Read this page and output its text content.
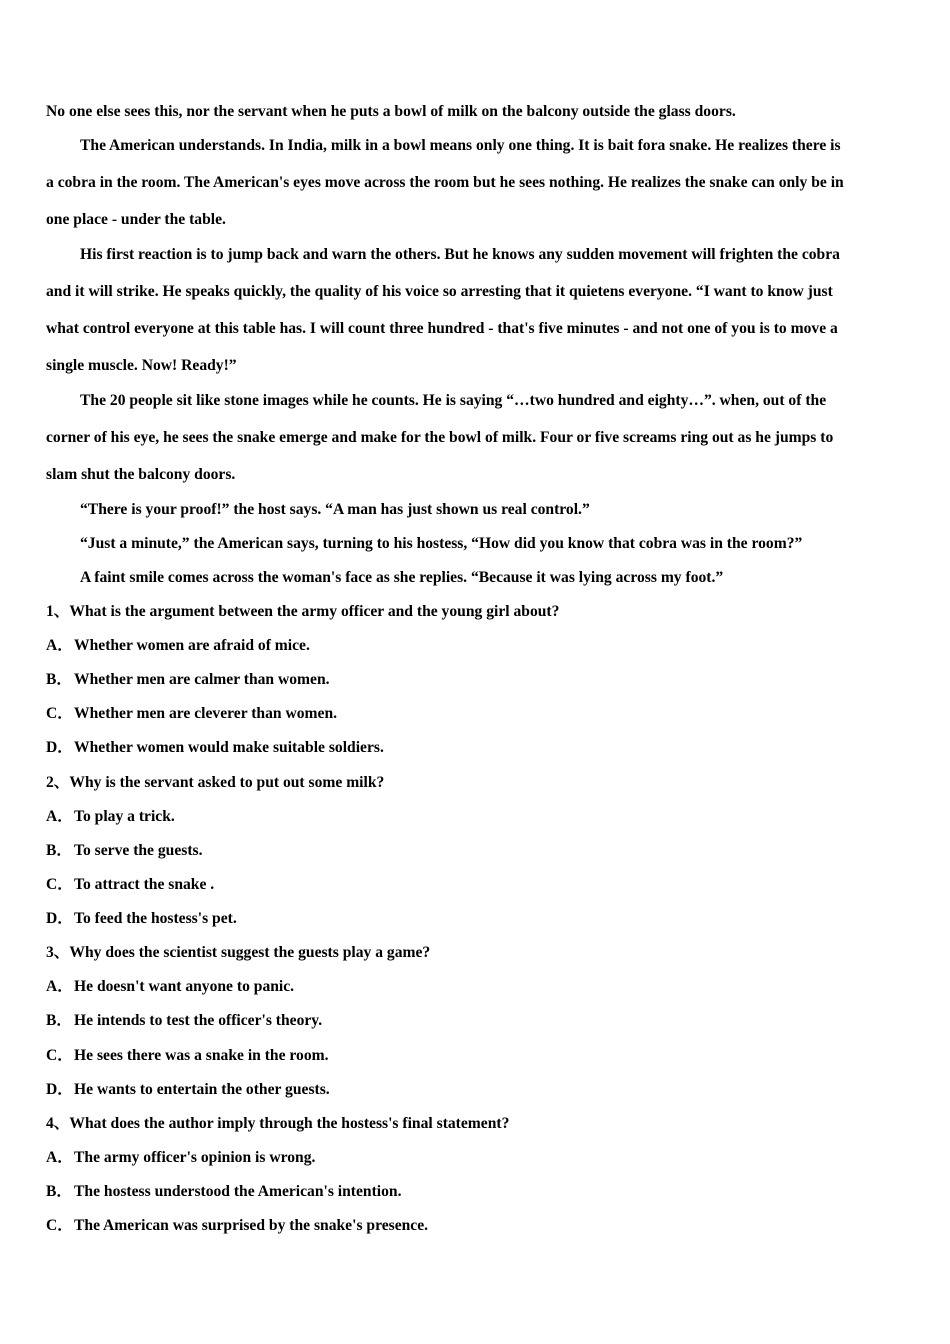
No one else sees this, nor the servant when he puts a bowl of milk on the balcony outside the glass doors.
The American understands. In India, milk in a bowl means only one thing. It is bait fora snake. He realizes there is
a cobra in the room. The American's eyes move across the room but he sees nothing. He realizes the snake can only be in
one place - under the table.
His first reaction is to jump back and warn the others. But he knows any sudden movement will frighten the cobra
and it will strike. He speaks quickly, the quality of his voice so arresting that it quietens everyone. “I want to know just
what control everyone at this table has. I will count three hundred - that's five minutes - and not one of you is to move a
single muscle. Now! Ready!”
The 20 people sit like stone images while he counts. He is saying “…two hundred and eighty…”. when, out of the
corner of his eye, he sees the snake emerge and make for the bowl of milk. Four or five screams ring out as he jumps to
slam shut the balcony doors.
“There is your proof!” the host says. “A man has just shown us real control.”
“Just a minute,” the American says, turning to his hostess, “How did you know that cobra was in the room?”
A faint smile comes across the woman's face as she replies. “Because it was lying across my foot.”
1、What is the argument between the army officer and the young girl about?
A．Whether women are afraid of mice.
B． Whether men are calmer than women.
C．Whether men are cleverer than women.
D．Whether women would make suitable soldiers.
2、Why is the servant asked to put out some milk?
A．To play a trick.
B． To serve the guests.
C．To attract the snake .
D．To feed the hostess's pet.
3、Why does the scientist suggest the guests play a game?
A．He doesn't want anyone to panic.
B． He intends to test the officer's theory.
C．He sees there was a snake in the room.
D．He wants to entertain the other guests.
4、What does the author imply through the hostess's final statement?
A．The army officer's opinion is wrong.
B． The hostess understood the American's intention.
C．The American was surprised by the snake's presence.
